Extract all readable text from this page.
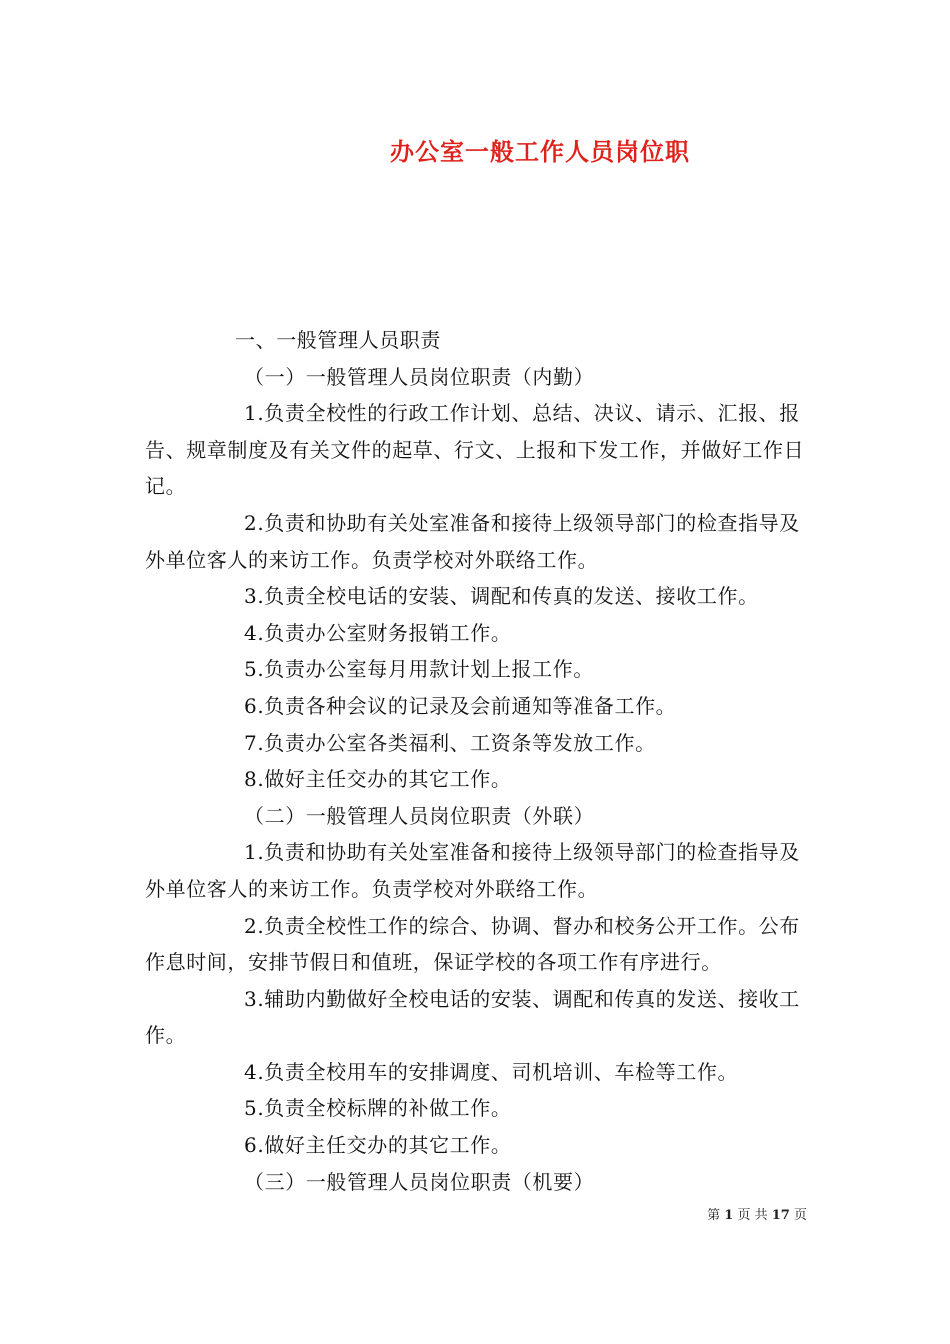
办公室一般工作人员岗位职

一、一般管理人员职责

（一）一般管理人员岗位职责（内勤）

1.负责全校性的行政工作计划、总结、决议、请示、汇报、报告、规章制度及有关文件的起草、行文、上报和下发工作，并做好工作日记。

2.负责和协助有关处室准备和接待上级领导部门的检查指导及外单位客人的来访工作。负责学校对外联络工作。

3.负责全校电话的安装、调配和传真的发送、接收工作。

4.负责办公室财务报销工作。

5.负责办公室每月用款计划上报工作。

6.负责各种会议的记录及会前通知等准备工作。

7.负责办公室各类福利、工资条等发放工作。

8.做好主任交办的其它工作。

（二）一般管理人员岗位职责（外联）

1.负责和协助有关处室准备和接待上级领导部门的检查指导及外单位客人的来访工作。负责学校对外联络工作。

2.负责全校性工作的综合、协调、督办和校务公开工作。公布作息时间，安排节假日和值班，保证学校的各项工作有序进行。

3.辅助内勤做好全校电话的安装、调配和传真的发送、接收工作。

4.负责全校用车的安排调度、司机培训、车检等工作。

5.负责全校标牌的补做工作。

6.做好主任交办的其它工作。

（三）一般管理人员岗位职责（机要）

第 1 页 共 17 页
